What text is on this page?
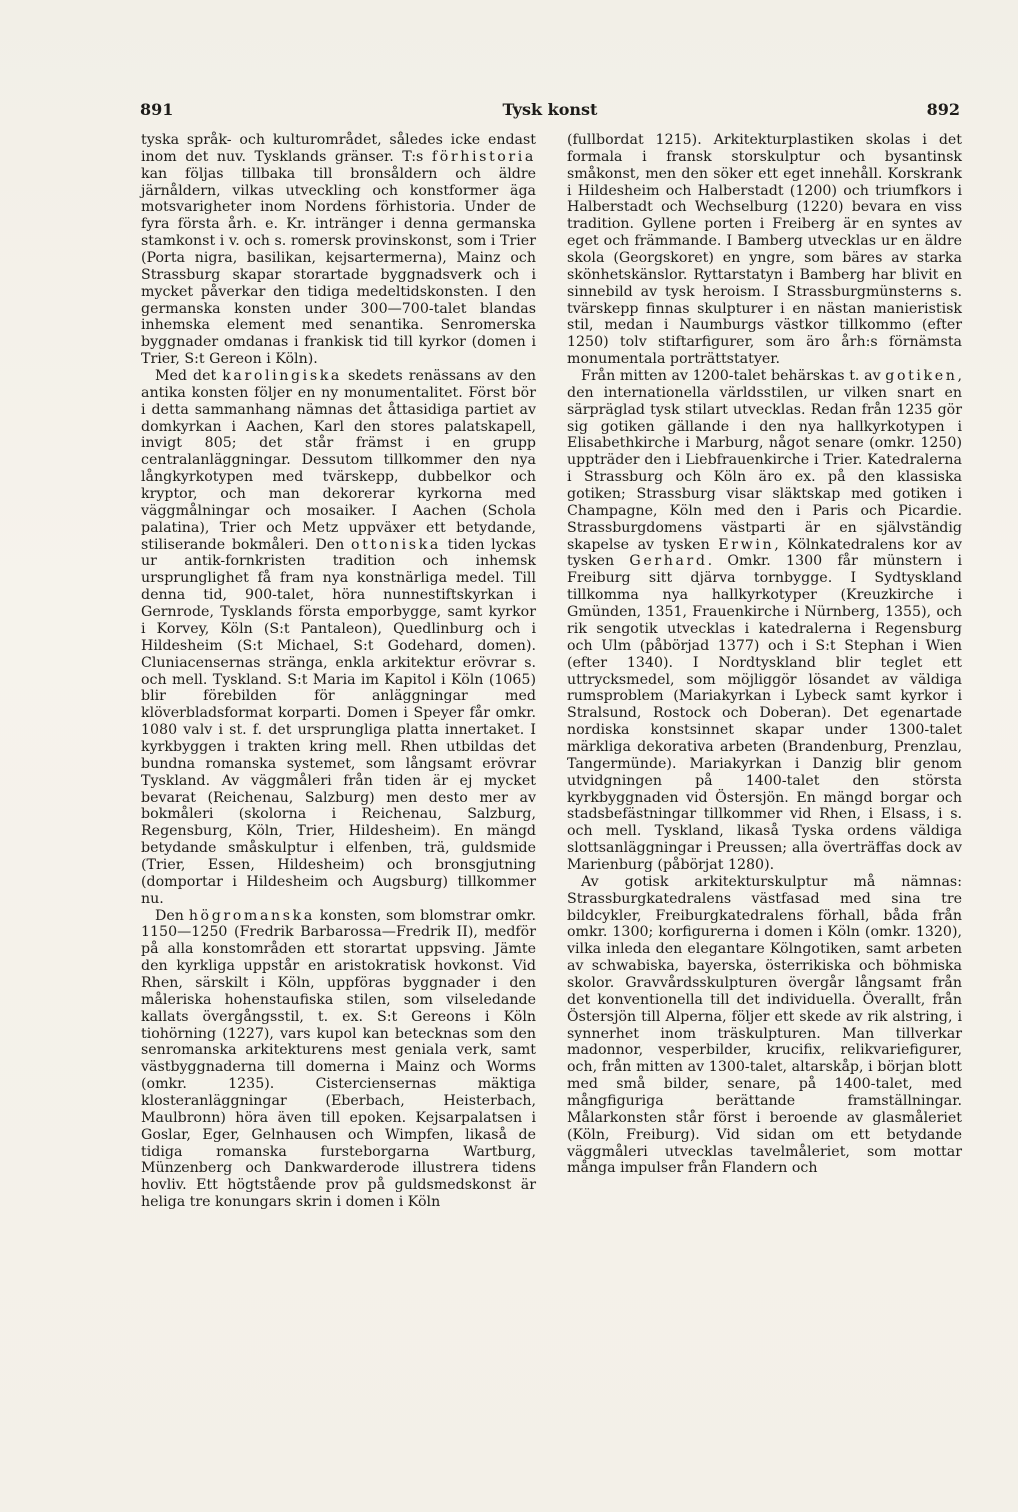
891	Tysk konst	892

tyska språk- och kulturområdet, således icke endast inom det nuv. Tysklands gränser. T:s förhistoria kan följas tillbaka till bronsåldern och äldre järnåldern, vilkas utveckling och konstformer äga motsvarigheter inom Nordens förhistoria. Under de fyra första årh. e. Kr. intränger i denna germanska stamkonst i v. och s. romersk provinskonst, som i Trier (Porta nigra, basilikan, kejsartermerna), Mainz och Strassburg skapar storartade byggnadsverk och i mycket påverkar den tidiga medeltidskonsten. I den germanska konsten under 300—700-talet blandas inhemska element med senantika. Senromerska byggnader omdanas i frankisk tid till kyrkor (domen i Trier, S:t Gereon i Köln).

Med det karolingiska skedets renässans av den antika konsten följer en ny monumentalitet. Först bör i detta sammanhang nämnas det åttasidiga partiet av domkyrkan i Aachen, Karl den stores palatskapell, invigt 805; det står främst i en grupp centralanläggningar. Dessutom tillkommer den nya långkyrkotypen med tvärskepp, dubbelkor och kryptor, och man dekorerar kyrkorna med väggmålningar och mosaiker. I Aachen (Schola palatina), Trier och Metz uppväxer ett betydande, stiliserande bokmåleri. Den ottoniska tiden lyckas ur antik-fornkristen tradition och inhemsk ursprunglighet få fram nya konstnärliga medel. Till denna tid, 900-talet, höra nunnestiftskyrkan i Gernrode, Tysklands första emporbygge, samt kyrkor i Korvey, Köln (S:t Pantaleon), Quedlinburg och i Hildesheim (S:t Michael, S:t Godehard, domen). Cluniacensernas stränga, enkla arkitektur erövrar s. och mell. Tyskland. S:t Maria im Kapitol i Köln (1065) blir förebilden för anläggningar med klöverbladsformat korparti. Domen i Speyer får omkr. 1080 valv i st. f. det ursprungliga platta innertaket. I kyrkbyggen i trakten kring mell. Rhen utbildas det bundna romanska systemet, som långsamt erövrar Tyskland. Av väggmåleri från tiden är ej mycket bevarat (Reichenau, Salzburg) men desto mer av bokmåleri (skolorna i Reichenau, Salzburg, Regensburg, Köln, Trier, Hildesheim). En mängd betydande småskulptur i elfenben, trä, guldsmide (Trier, Essen, Hildesheim) och bronsgjutning (domportar i Hildesheim och Augsburg) tillkommer nu.

Den högromanska konsten, som blomstrar omkr. 1150—1250 (Fredrik Barbarossa—Fredrik II), medför på alla konstområden ett storartat uppsving. Jämte den kyrkliga uppstår en aristokratisk hovkonst. Vid Rhen, särskilt i Köln, uppföras byggnader i den måleriska hohenstaufiska stilen, som vilseledande kallats övergångsstil, t. ex. S:t Gereons i Köln tiohörning (1227), vars kupol kan betecknas som den senromanska arkitekturens mest geniala verk, samt västbyggnaderna till domerna i Mainz och Worms (omkr. 1235). Cisterciensernas mäktiga klosteranläggningar (Eberbach, Heisterbach, Maulbronn) höra även till epoken. Kejsarpalatsen i Goslar, Eger, Gelnhausen och Wimpfen, likaså de tidiga romanska fursteborgarna Wartburg, Münzenberg och Dankwarderode illustrera tidens hovliv. Ett högtstående prov på guldsmedskonst är heliga tre konungars skrin i domen i Köln

(fullbordat 1215). Arkitekturplastiken skolas i det formala i fransk storskulptur och bysantinsk småkonst, men den söker ett eget innehåll. Korskrank i Hildesheim och Halberstadt (1200) och triumfkors i Halberstadt och Wechselburg (1220) bevara en viss tradition. Gyllene porten i Freiberg är en syntes av eget och främmande. I Bamberg utvecklas ur en äldre skola (Georgskoret) en yngre, som bäres av starka skönhetskänslor. Ryttarstatyn i Bamberg har blivit en sinnebild av tysk heroism. I Strassburgmünsterns s. tvärskepp finnas skulpturer i en nästan manieristisk stil, medan i Naumburgs västkor tillkommo (efter 1250) tolv stiftarfigurer, som äro årh:s förnämsta monumentala porträttstatyer.

Från mitten av 1200-talet behärskas t. av gotiken, den internationella världsstilen, ur vilken snart en särpräglad tysk stilart utvecklas. Redan från 1235 gör sig gotiken gällande i den nya hallkyrkotypen i Elisabethkirche i Marburg, något senare (omkr. 1250) uppträder den i Liebfrauenkirche i Trier. Katedralerna i Strassburg och Köln äro ex. på den klassiska gotiken; Strassburg visar släktskap med gotiken i Champagne, Köln med den i Paris och Picardie. Strassburgdomens västparti är en självständig skapelse av tysken Erwin, Kölnkatedralens kor av tysken Gerhard. Omkr. 1300 får münstern i Freiburg sitt djärva tornbygge. I Sydtyskland tillkomma nya hallkyrkotyper (Kreuzkirche i Gmünden, 1351, Frauenkirche i Nürnberg, 1355), och rik sengotik utvecklas i katedralerna i Regensburg och Ulm (påbörjad 1377) och i S:t Stephan i Wien (efter 1340). I Nordtyskland blir teglet ett uttrycksmedel, som möjliggör lösandet av väldiga rumsproblem (Mariakyrkan i Lybeck samt kyrkor i Stralsund, Rostock och Doberan). Det egenartade nordiska konstsinnet skapar under 1300-talet märkliga dekorativa arbeten (Brandenburg, Prenzlau, Tangermünde). Mariakyrkan i Danzig blir genom utvidgningen på 1400-talet den största kyrkbyggnaden vid Östersjön. En mängd borgar och stadsbefästningar tillkommer vid Rhen, i Elsass, i s. och mell. Tyskland, likaså Tyska ordens väldiga slottsanläggningar i Preussen; alla överträffas dock av Marienburg (påbörjat 1280).

Av gotisk arkitekturskulptur må nämnas: Strassburgkatedralens västfasad med sina tre bildcykler, Freiburgkatedralens förhall, båda från omkr. 1300; korfigurerna i domen i Köln (omkr. 1320), vilka inleda den elegantare Kölngotiken, samt arbeten av schwabiska, bayerska, österrikiska och böhmiska skolor. Gravvårdsskulpturen övergår långsamt från det konventionella till det individuella. Överallt, från Östersjön till Alperna, följer ett skede av rik alstring, i synnerhet inom träskulpturen. Man tillverkar madonnor, vesperbilder, krucifix, relikvariefigurer, och, från mitten av 1300-talet, altarskåp, i början blott med små bilder, senare, på 1400-talet, med mångfiguriga berättande framställningar. Målarkonsten står först i beroende av glasmåleriet (Köln, Freiburg). Vid sidan om ett betydande väggmåleri utvecklas tavelmåleriet, som mottar många impulser från Flandern och
